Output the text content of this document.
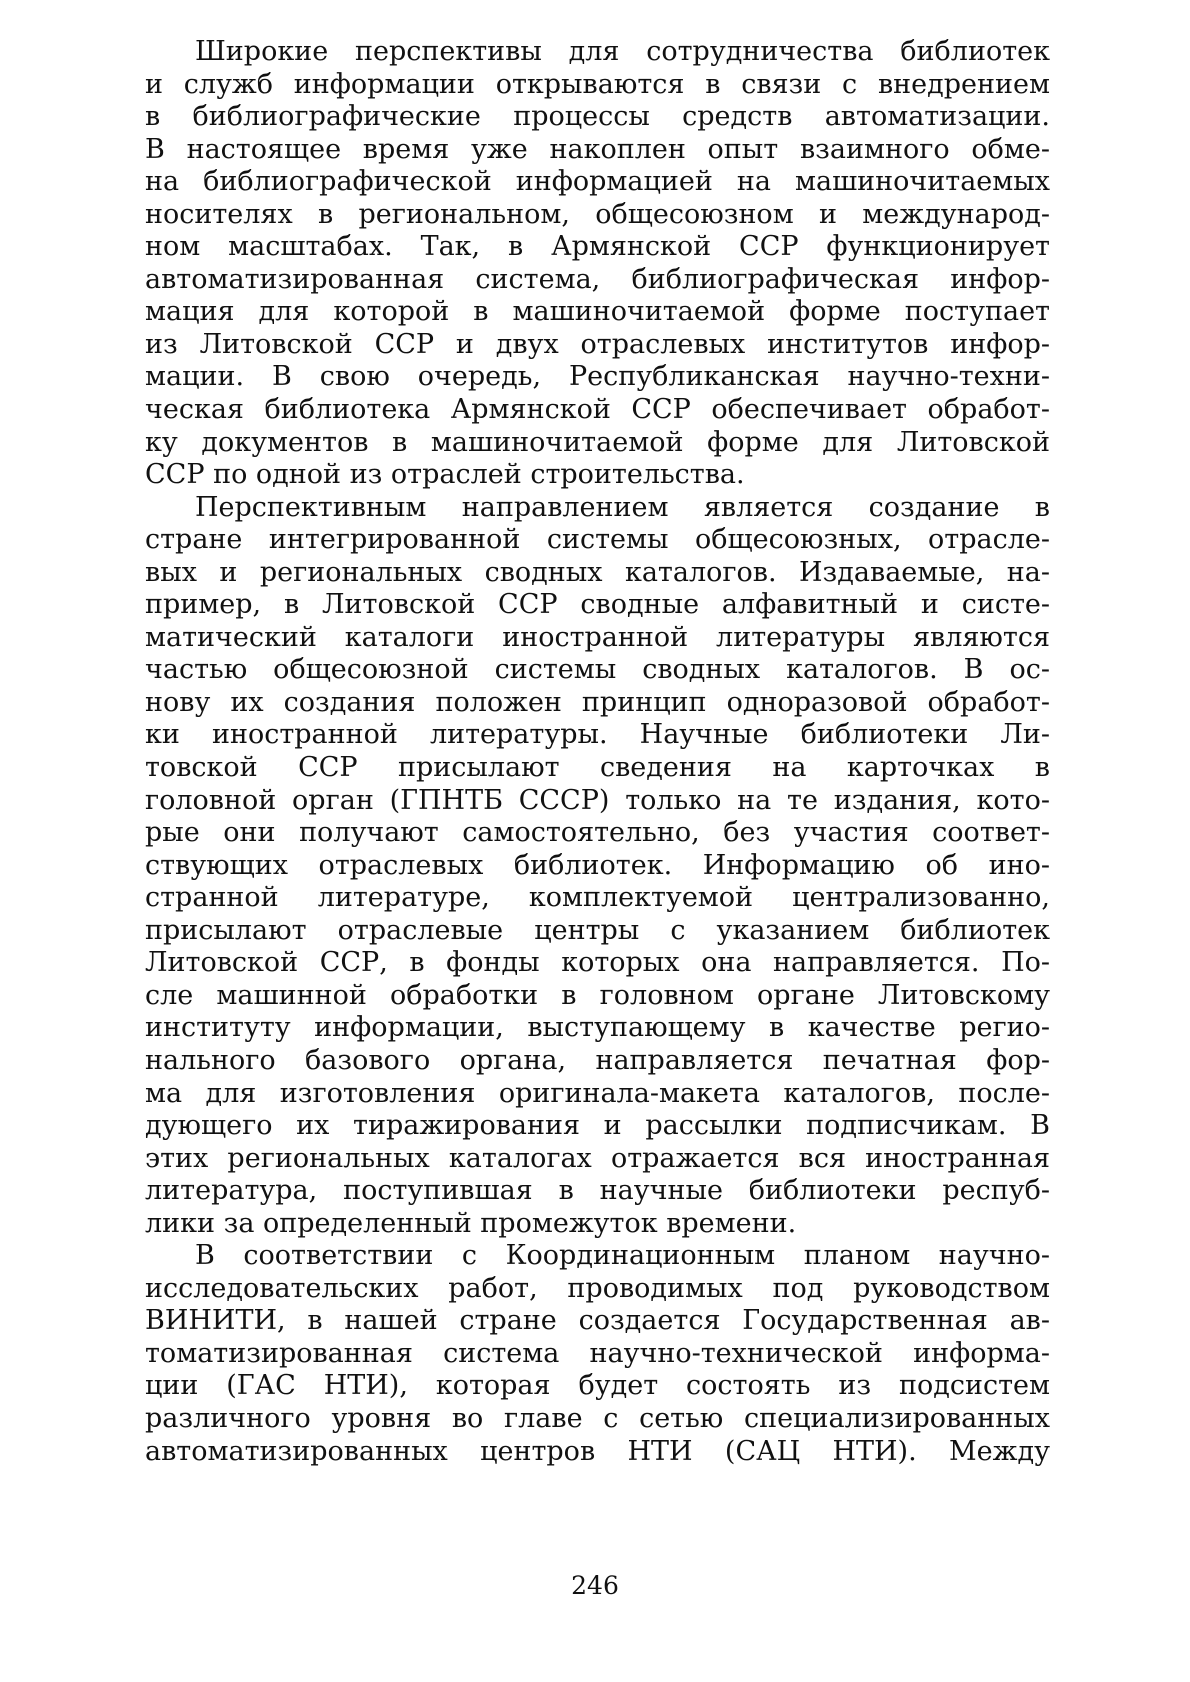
Широкие перспективы для сотрудничества библиотек
и служб информации открываются в связи с внедрением
в библиографические процессы средств автоматизации.
В настоящее время уже накоплен опыт взаимного обме-
на библиографической информацией на машиночитаемых
носителях в региональном, общесоюзном и международ-
ном масштабах. Так, в Армянской ССР функционирует
автоматизированная система, библиографическая инфор-
мация для которой в машиночитаемой форме поступает
из Литовской ССР и двух отраслевых институтов инфор-
мации. В свою очередь, Республиканская научно-техни-
ческая библиотека Армянской ССР обеспечивает обработ-
ку документов в машиночитаемой форме для Литовской
ССР по одной из отраслей строительства.
Перспективным направлением является создание в
стране интегрированной системы общесоюзных, отрасле-
вых и региональных сводных каталогов. Издаваемые, на-
пример, в Литовской ССР сводные алфавитный и систе-
матический каталоги иностранной литературы являются
частью общесоюзной системы сводных каталогов. В ос-
нову их создания положен принцип одноразовой обработ-
ки иностранной литературы. Научные библиотеки Ли-
товской ССР присылают сведения на карточках в
головной орган (ГПНТБ СССР) только на те издания, кото-
рые они получают самостоятельно, без участия соответ-
ствующих отраслевых библиотек. Информацию об ино-
странной литературе, комплектуемой централизованно,
присылают отраслевые центры с указанием библиотек
Литовской ССР, в фонды которых она направляется. По-
сле машинной обработки в головном органе Литовскому
институту информации, выступающему в качестве регио-
нального базового органа, направляется печатная фор-
ма для изготовления оригинала-макета каталогов, после-
дующего их тиражирования и рассылки подписчикам. В
этих региональных каталогах отражается вся иностранная
литература, поступившая в научные библиотеки респуб-
лики за определенный промежуток времени.
В соответствии с Координационным планом научно-
исследовательских работ, проводимых под руководством
ВИНИТИ, в нашей стране создается Государственная ав-
томатизированная система научно-технической информа-
ции (ГАС НТИ), которая будет состоять из подсистем
различного уровня во главе с сетью специализированных
автоматизированных центров НТИ (САЦ НТИ). Между
246
